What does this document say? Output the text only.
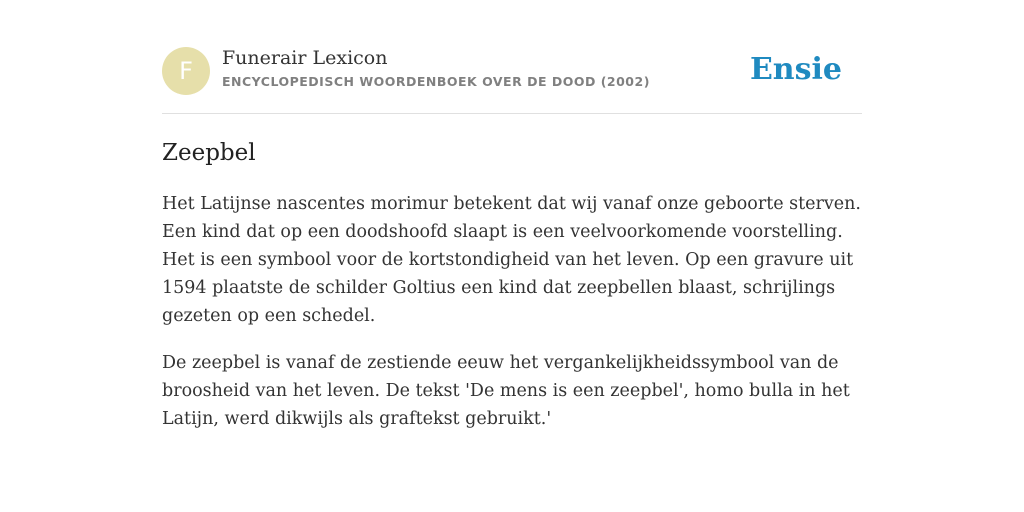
F	Funerair Lexicon
ENCYCLOPEDISCH WOORDENBOEK OVER DE DOOD (2002)	Ensie
Zeepbel

Het Latijnse nascentes morimur betekent dat wij vanaf onze geboorte sterven. Een kind dat op een doodshoofd slaapt is een veelvoorkomende voorstelling. Het is een symbool voor de kortstondigheid van het leven. Op een gravure uit 1594 plaatste de schilder Goltius een kind dat zeepbellen blaast, schrijlings gezeten op een schedel.

De zeepbel is vanaf de zestiende eeuw het vergankelijkheidssymbool van de broosheid van het leven. De tekst 'De mens is een zeepbel', homo bulla in het Latijn, werd dikwijls als graftekst gebruikt.'
